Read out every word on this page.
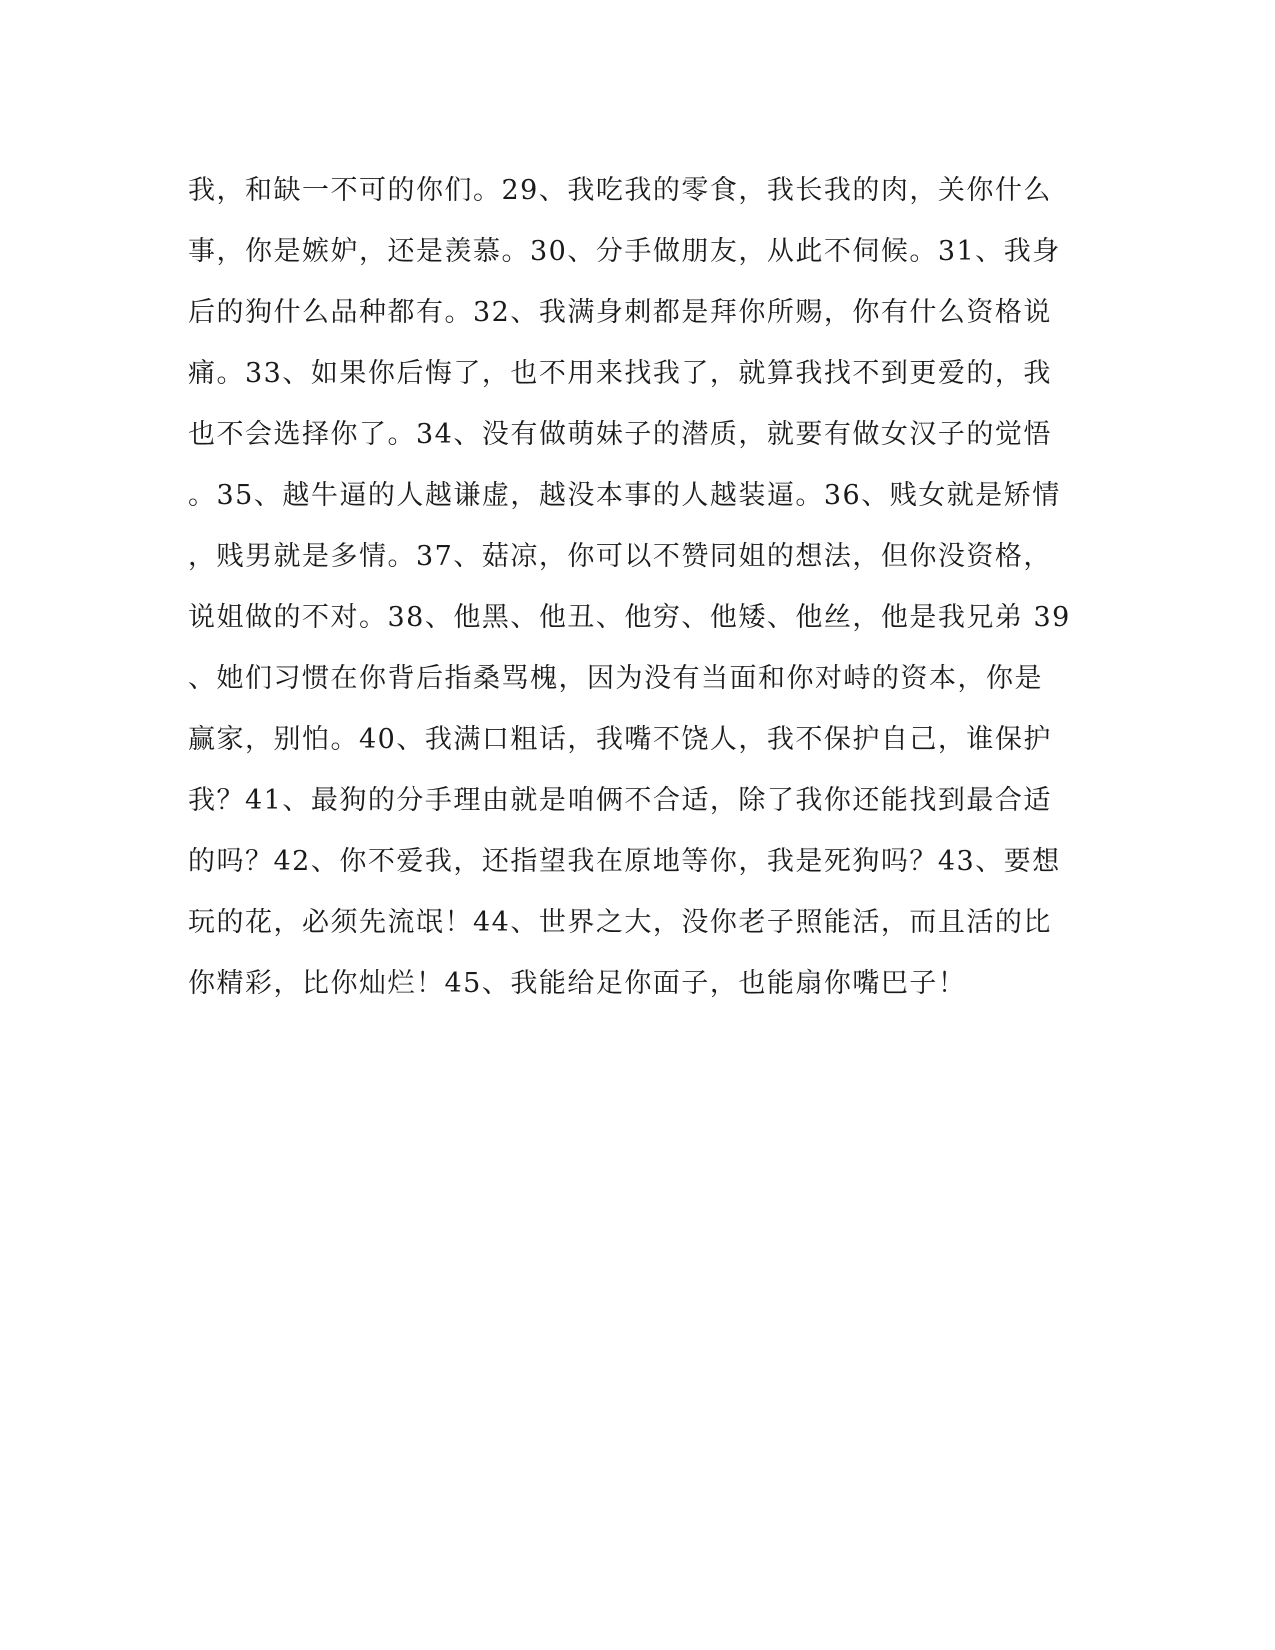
我，和缺一不可的你们。29、我吃我的零食，我长我的肉，关你什么
事，你是嫉妒，还是羡慕。30、分手做朋友，从此不伺候。31、我身
后的狗什么品种都有。32、我满身刺都是拜你所赐，你有什么资格说
痛。33、如果你后悔了，也不用来找我了，就算我找不到更爱的，我
也不会选择你了。34、没有做萌妹子的潜质，就要有做女汉子的觉悟
。35、越牛逼的人越谦虚，越没本事的人越装逼。36、贱女就是矫情
，贱男就是多情。37、菇凉，你可以不赞同姐的想法，但你没资格，
说姐做的不对。38、他黑、他丑、他穷、他矮、他丝，他是我兄弟 39
、她们习惯在你背后指桑骂槐，因为没有当面和你对峙的资本，你是
赢家，别怕。40、我满口粗话，我嘴不饶人，我不保护自己，谁保护
我？41、最狗的分手理由就是咱俩不合适，除了我你还能找到最合适
的吗？42、你不爱我，还指望我在原地等你，我是死狗吗？43、要想
玩的花，必须先流氓！44、世界之大，没你老子照能活，而且活的比
你精彩，比你灿烂！45、我能给足你面子，也能扇你嘴巴子！
